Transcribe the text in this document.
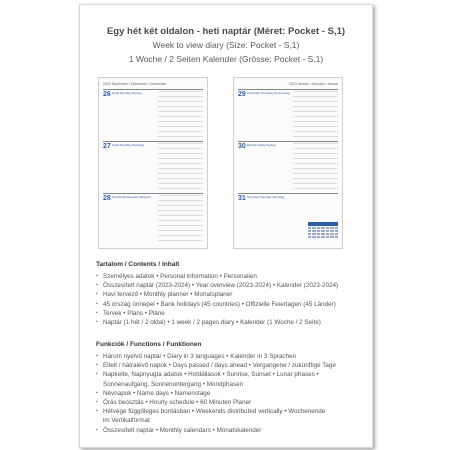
Egy hét két oldalon - heti naptár (Méret: Pocket - S,1)
Week to view diary (Size: Pocket - S,1)
1 Woche / 2 Seiten Kalender (Grösse: Pocket - S,1)
2022 December • December • Dezember
26 Hétfő Monday Montag
27 Kedd Tuesday Dienstag
28 Szerda Wednesday Mittwoch
2023 Január • January • Januar
29 Csütörtök Thursday Donnerstag
30 Péntek Friday Freitag
31 Szombat Saturday Samstag
Tartalom / Contents / Inhalt
▪ Személyes adatok • Personal information • Personalien
▪ Összesített naptár (2023-2024) • Year overview (2023-2024) • Kalender (2023-2024)
▪ Havi tervező • Monthly planner • Monatsplaner
▪ 45 ország ünnepei • Bank holidays (45 countries) • Offizielle Feiertagen (45 Länder)
▪ Tervek • Plans • Pläne
▪ Naptár (1 hét / 2 oldal) • 1 week / 2 pages diary • Kalender (1 Woche / 2 Seite)
Funkciók / Functions / Funktionen
▪ Három nyelvű naptár • Diary in 3 languages • Kalender in 3 Sprachen
▪ Eltelt / hátralévő napok • Days passed / days ahead • Vergangene / zukünftige Tage
▪ Napkelte, Napnyugta adatok • Holdállások • Sunrise, Sunset • Lunar phases •
Sonnenaufgang, Sonnenuntergang • Mondphasen
▪ Névnapok • Name days • Namenstage
▪ Órás beosztás • Hourly schedule • 60 Minuten Planer
▪ Hétvége függőleges bontásban • Weekends distributed vertically • Wochenende
im Vertikalformat
▪ Összesített naptár • Monthly calendars • Monatskalender
